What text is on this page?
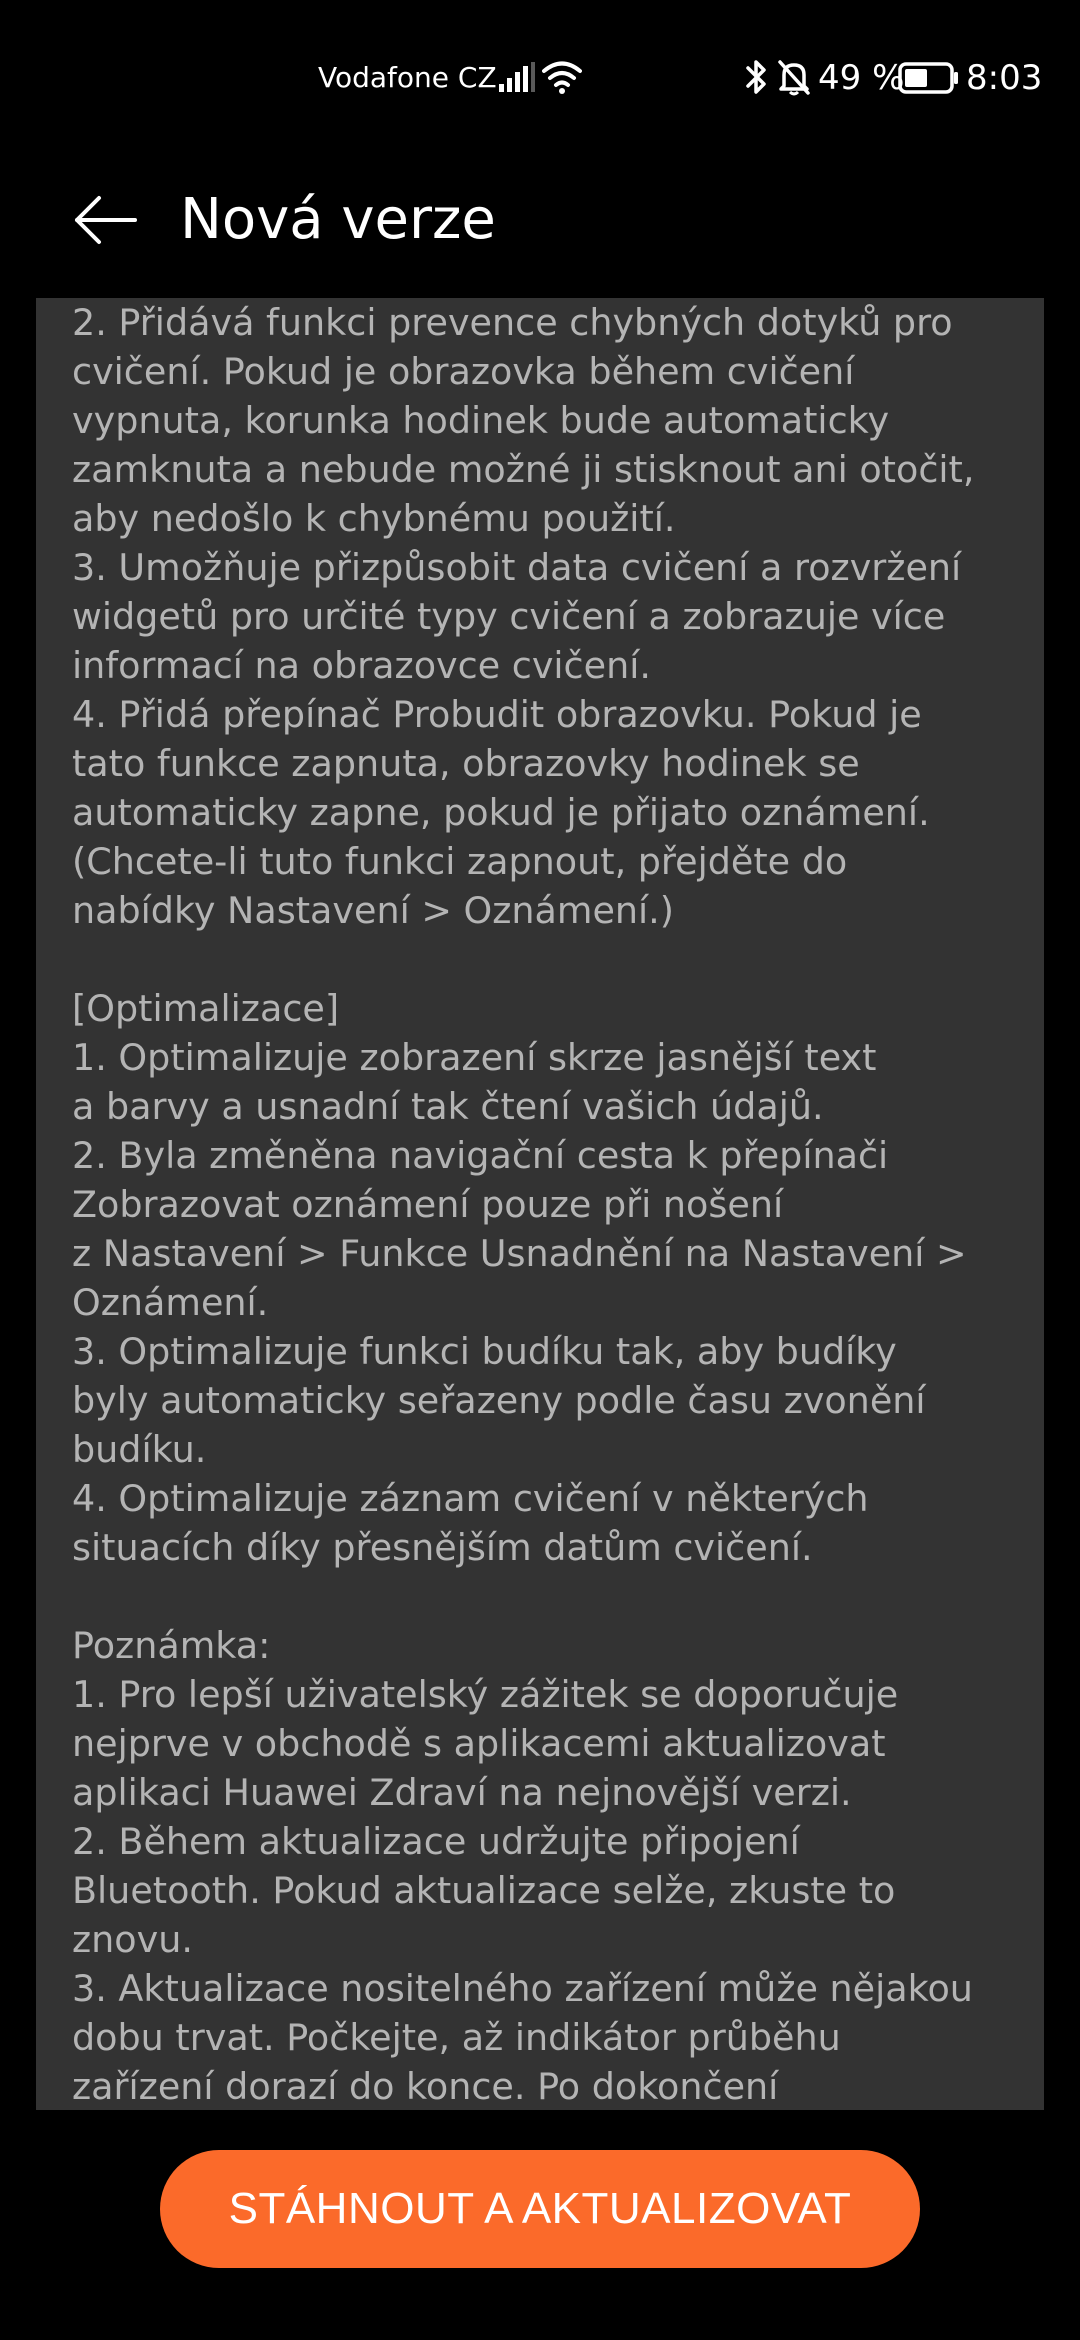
Vodafone CZ	49 % 8:03
Nová verze
2. Přidává funkci prevence chybných dotyků pro
cvičení. Pokud je obrazovka během cvičení
vypnuta, korunka hodinek bude automaticky
zamknuta a nebude možné ji stisknout ani otočit,
aby nedošlo k chybnému použití.
3. Umožňuje přizpůsobit data cvičení a rozvržení
widgetů pro určité typy cvičení a zobrazuje více
informací na obrazovce cvičení.
4. Přidá přepínač Probudit obrazovku. Pokud je
tato funkce zapnuta, obrazovky hodinek se
automaticky zapne, pokud je přijato oznámení.
(Chcete-li tuto funkci zapnout, přejděte do
nabídky Nastavení > Oznámení.)

[Optimalizace]
1. Optimalizuje zobrazení skrze jasnější text
a barvy a usnadní tak čtení vašich údajů.
2. Byla změněna navigační cesta k přepínači
Zobrazovat oznámení pouze při nošení
z Nastavení > Funkce Usnadnění na Nastavení >
Oznámení.
3. Optimalizuje funkci budíku tak, aby budíky
byly automaticky seřazeny podle času zvonění
budíku.
4. Optimalizuje záznam cvičení v některých
situacích díky přesnějším datům cvičení.

Poznámka:
1. Pro lepší uživatelský zážitek se doporučuje
nejprve v obchodě s aplikacemi aktualizovat
aplikaci Huawei Zdraví na nejnovější verzi.
2. Během aktualizace udržujte připojení
Bluetooth. Pokud aktualizace selže, zkuste to
znovu.
3. Aktualizace nositelného zařízení může nějakou
dobu trvat. Počkejte, až indikátor průběhu
zařízení dorazí do konce. Po dokončení
STÁHNOUT A AKTUALIZOVAT
